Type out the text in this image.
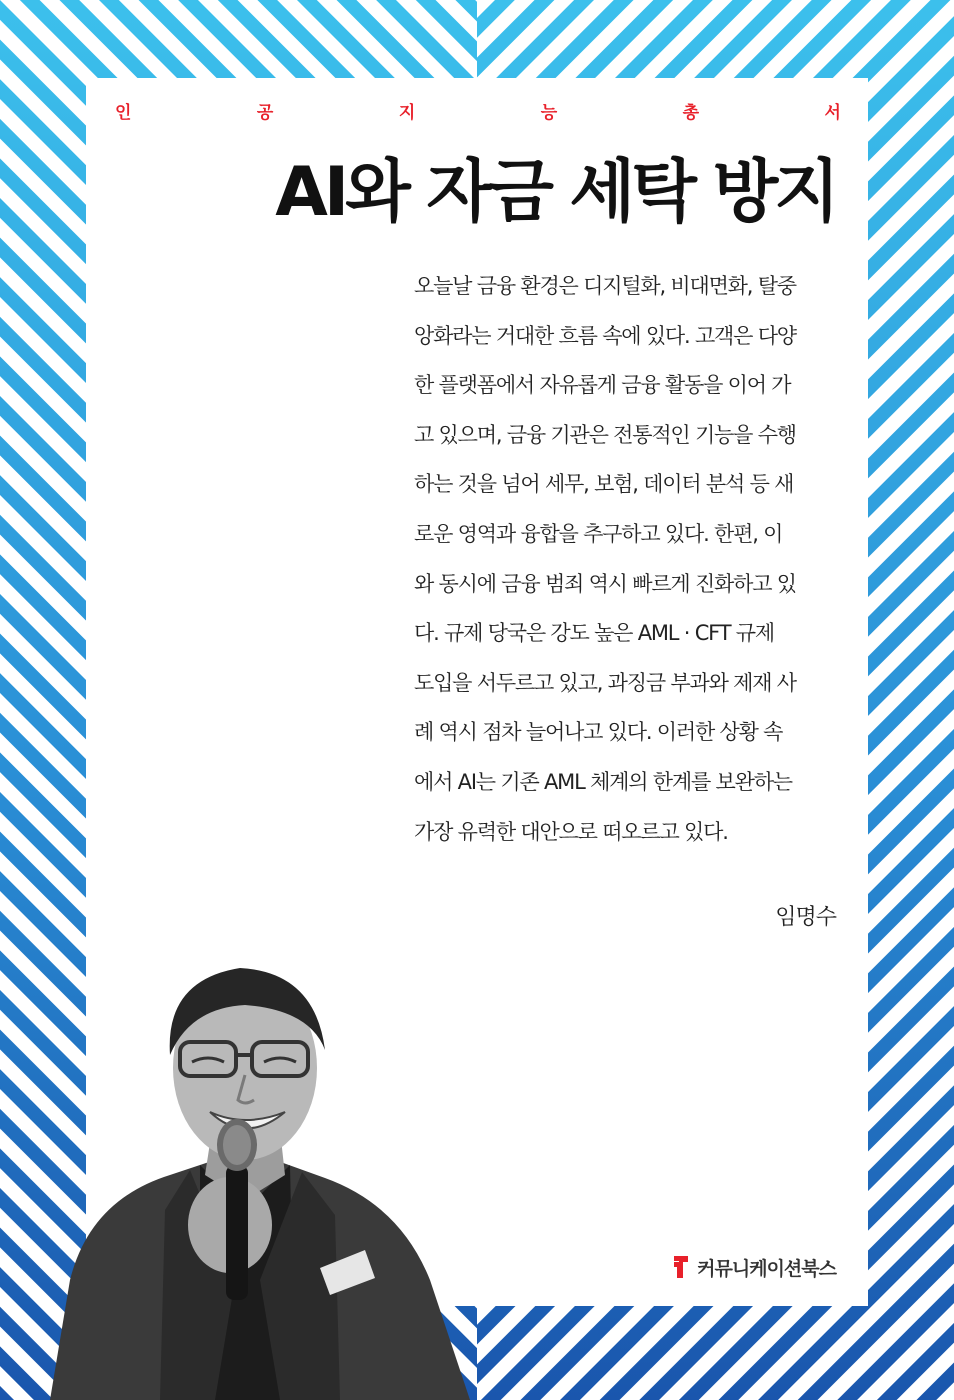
인	공	지	능	총	서
AI와 자금 세탁 방지
오늘날 금융 환경은 디지털화, 비대면화, 탈중
앙화라는 거대한 흐름 속에 있다. 고객은 다양
한 플랫폼에서 자유롭게 금융 활동을 이어 가
고 있으며, 금융 기관은 전통적인 기능을 수행
하는 것을 넘어 세무, 보험, 데이터 분석 등 새
로운 영역과 융합을 추구하고 있다. 한편, 이
와 동시에 금융 범죄 역시 빠르게 진화하고 있
다. 규제 당국은 강도 높은 AML · CFT 규제
도입을 서두르고 있고, 과징금 부과와 제재 사
례 역시 점차 늘어나고 있다. 이러한 상황 속
에서 AI는 기존 AML 체계의 한계를 보완하는
가장 유력한 대안으로 떠오르고 있다.
임명수
커뮤니케이션북스
